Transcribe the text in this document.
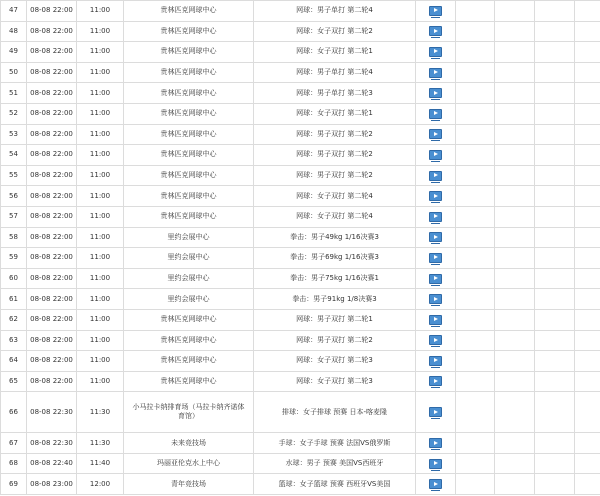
47	08-08 22:00	11:00	贵林匹克网球中心	网球：男子单打 第二轮4						
48	08-08 22:00	11:00	贵林匹克网球中心	网球：女子双打 第二轮2						
49	08-08 22:00	11:00	贵林匹克网球中心	网球：女子双打 第二轮1						
50	08-08 22:00	11:00	贵林匹克网球中心	网球：男子单打 第二轮4						
51	08-08 22:00	11:00	贵林匹克网球中心	网球：男子单打 第二轮3						
52	08-08 22:00	11:00	贵林匹克网球中心	网球：女子双打 第二轮1						
53	08-08 22:00	11:00	贵林匹克网球中心	网球：男子双打 第二轮2						
54	08-08 22:00	11:00	贵林匹克网球中心	网球：男子双打 第二轮2						
55	08-08 22:00	11:00	贵林匹克网球中心	网球：男子双打 第二轮2						
56	08-08 22:00	11:00	贵林匹克网球中心	网球：女子双打 第二轮4						
57	08-08 22:00	11:00	贵林匹克网球中心	网球：女子双打 第二轮4						
58	08-08 22:00	11:00	里约会展中心	拳击：男子49kg 1/16决赛3						
59	08-08 22:00	11:00	里约会展中心	拳击：男子69kg 1/16决赛3						
60	08-08 22:00	11:00	里约会展中心	拳击：男子75kg 1/16决赛1						
61	08-08 22:00	11:00	里约会展中心	拳击：男子91kg 1/8决赛3						
62	08-08 22:00	11:00	贵林匹克网球中心	网球：男子双打 第二轮1						
63	08-08 22:00	11:00	贵林匹克网球中心	网球：男子双打 第二轮2						
64	08-08 22:00	11:00	贵林匹克网球中心	网球：女子双打 第二轮3						
65	08-08 22:00	11:00	贵林匹克网球中心	网球：女子双打 第二轮3						
66	08-08 22:30	11:30	小马拉卡纳排育场（马拉卡纳齐诺体育馆）	排球：女子排球 预赛 日本-喀麦隆						
67	08-08 22:30	11:30	未来竞技场	手球：女子手球 预赛 法国VS俄罗斯						
68	08-08 22:40	11:40	玛丽亚伦克水上中心	水球：男子 预赛 美国VS西班牙						
69	08-08 23:00	12:00	青年竞技场	篮球：女子篮球 预赛 西班牙VS美国						
